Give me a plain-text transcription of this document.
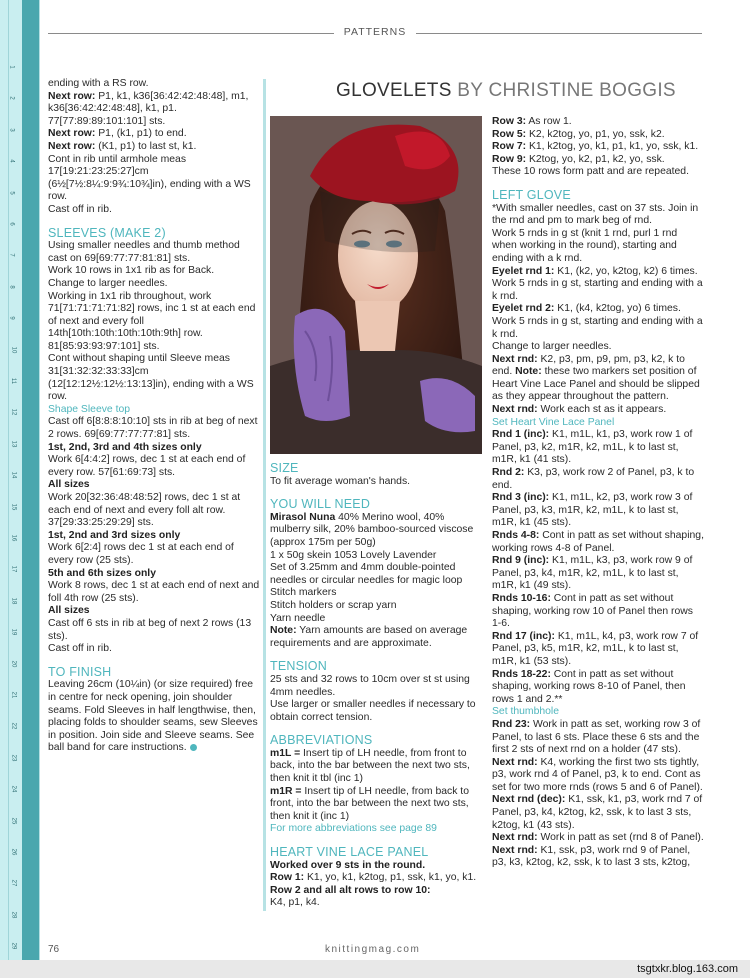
1
2
3
4
5
6
7
8
9
10
11
12
13
14
15
16
17
18
19
20
21
22
23
24
25
26
27
28
29
PATTERNS
GLOVELETS BY CHRISTINE BOGGIS

ending with a RS row.

Next row: P1, k1, k36[36:42:42:48:48], m1, k36[36:42:42:48:48], k1, p1. 77[77:89:89:101:101] sts.

Next row: P1, (k1, p1) to end.

Next row: (K1, p1) to last st, k1.

Cont in rib until armhole meas 17[19:21:23:25:27]cm (6½[7½:8¼:9:9¾:10¾]in), ending with a WS row.

Cast off in rib.

SLEEVES (MAKE 2)

Using smaller needles and thumb method cast on 69[69:77:77:81:81] sts.

Work 10 rows in 1x1 rib as for Back.

Change to larger needles.

Working in 1x1 rib throughout, work 71[71:71:71:71:82] rows, inc 1 st at each end of next and every foll 14th[10th:10th:10th:10th:9th] row. 81[85:93:93:97:101] sts.

Cont without shaping until Sleeve meas 31[31:32:32:33:33]cm (12[12:12½:12½:13:13]in), ending with a WS row.

Shape Sleeve top

Cast off 6[8:8:8:10:10] sts in rib at beg of next 2 rows. 69[69:77:77:77:81] sts.

1st, 2nd, 3rd and 4th sizes only

Work 6[4:4:2] rows, dec 1 st at each end of every row. 57[61:69:73] sts.

All sizes

Work 20[32:36:48:48:52] rows, dec 1 st at each end of next and every foll alt row. 37[29:33:25:29:29] sts.

1st, 2nd and 3rd sizes only

Work 6[2:4] rows dec 1 st at each end of every row (25 sts).

5th and 6th sizes only

Work 8 rows, dec 1 st at each end of next and foll 4th row (25 sts).

All sizes

Cast off 6 sts in rib at beg of next 2 rows (13 sts).

Cast off in rib.

TO FINISH

Leaving 26cm (10¼in) (or size required) free in centre for neck opening, join shoulder seams. Fold Sleeves in half lengthwise, then, placing folds to shoulder seams, sew Sleeves in position. Join side and Sleeve seams. See ball band for care instructions.

SIZE

To fit average woman's hands.

YOU WILL NEED

Mirasol Nuna 40% Merino wool, 40% mulberry silk, 20% bamboo-sourced viscose (approx 175m per 50g)

1 x 50g skein 1053 Lovely Lavender

Set of 3.25mm and 4mm double-pointed needles or circular needles for magic loop

Stitch markers

Stitch holders or scrap yarn

Yarn needle

Note: Yarn amounts are based on average requirements and are approximate.

TENSION

25 sts and 32 rows to 10cm over st st using 4mm needles.

Use larger or smaller needles if necessary to obtain correct tension.

ABBREVIATIONS

m1L = Insert tip of LH needle, from front to back, into the bar between the next two sts, then knit it tbl (inc 1)

m1R = Insert tip of LH needle, from back to front, into the bar between the next two sts, then knit it (inc 1)

For more abbreviations see page 89

HEART VINE LACE PANEL

Worked over 9 sts in the round.

Row 1: K1, yo, k1, k2tog, p1, ssk, k1, yo, k1.

Row 2 and all alt rows to row 10:

K4, p1, k4.

Row 3: As row 1.

Row 5: K2, k2tog, yo, p1, yo, ssk, k2.

Row 7: K1, k2tog, yo, k1, p1, k1, yo, ssk, k1.

Row 9: K2tog, yo, k2, p1, k2, yo, ssk.

These 10 rows form patt and are repeated.

LEFT GLOVE

*With smaller needles, cast on 37 sts. Join in the rnd and pm to mark beg of rnd.

Work 5 rnds in g st (knit 1 rnd, purl 1 rnd when working in the round), starting and ending with a k rnd.

Eyelet rnd 1: K1, (k2, yo, k2tog, k2) 6 times.

Work 5 rnds in g st, starting and ending with a k rnd.

Eyelet rnd 2: K1, (k4, k2tog, yo) 6 times.

Work 5 rnds in g st, starting and ending with a k rnd.

Change to larger needles.

Next rnd: K2, p3, pm, p9, pm, p3, k2, k to end. Note: these two markers set position of Heart Vine Lace Panel and should be slipped as they appear throughout the pattern.

Next rnd: Work each st as it appears.

Set Heart Vine Lace Panel

Rnd 1 (inc): K1, m1L, k1, p3, work row 1 of Panel, p3, k2, m1R, k2, m1L, k to last st, m1R, k1 (41 sts).

Rnd 2: K3, p3, work row 2 of Panel, p3, k to end.

Rnd 3 (inc): K1, m1L, k2, p3, work row 3 of Panel, p3, k3, m1R, k2, m1L, k to last st, m1R, k1 (45 sts).

Rnds 4-8: Cont in patt as set without shaping, working rows 4-8 of Panel.

Rnd 9 (inc): K1, m1L, k3, p3, work row 9 of Panel, p3, k4, m1R, k2, m1L, k to last st, m1R, k1 (49 sts).

Rnds 10-16: Cont in patt as set without shaping, working row 10 of Panel then rows 1-6.

Rnd 17 (inc): K1, m1L, k4, p3, work row 7 of Panel, p3, k5, m1R, k2, m1L, k to last st, m1R, k1 (53 sts).

Rnds 18-22: Cont in patt as set without shaping, working rows 8-10 of Panel, then rows 1 and 2.**

Set thumbhole

Rnd 23: Work in patt as set, working row 3 of Panel, to last 6 sts. Place these 6 sts and the first 2 sts of next rnd on a holder (47 sts).

Next rnd: K4, working the first two sts tightly, p3, work rnd 4 of Panel, p3, k to end. Cont as set for two more rnds (rows 5 and 6 of Panel).

Next rnd (dec): K1, ssk, k1, p3, work rnd 7 of Panel, p3, k4, k2tog, k2, ssk, k to last 3 sts, k2tog, k1 (43 sts).

Next rnd: Work in patt as set (rnd 8 of Panel).

Next rnd: K1, ssk, p3, work rnd 9 of Panel, p3, k3, k2tog, k2, ssk, k to last 3 sts, k2tog,

76	knittingmag.com
tsgtxkr.blog.163.com
